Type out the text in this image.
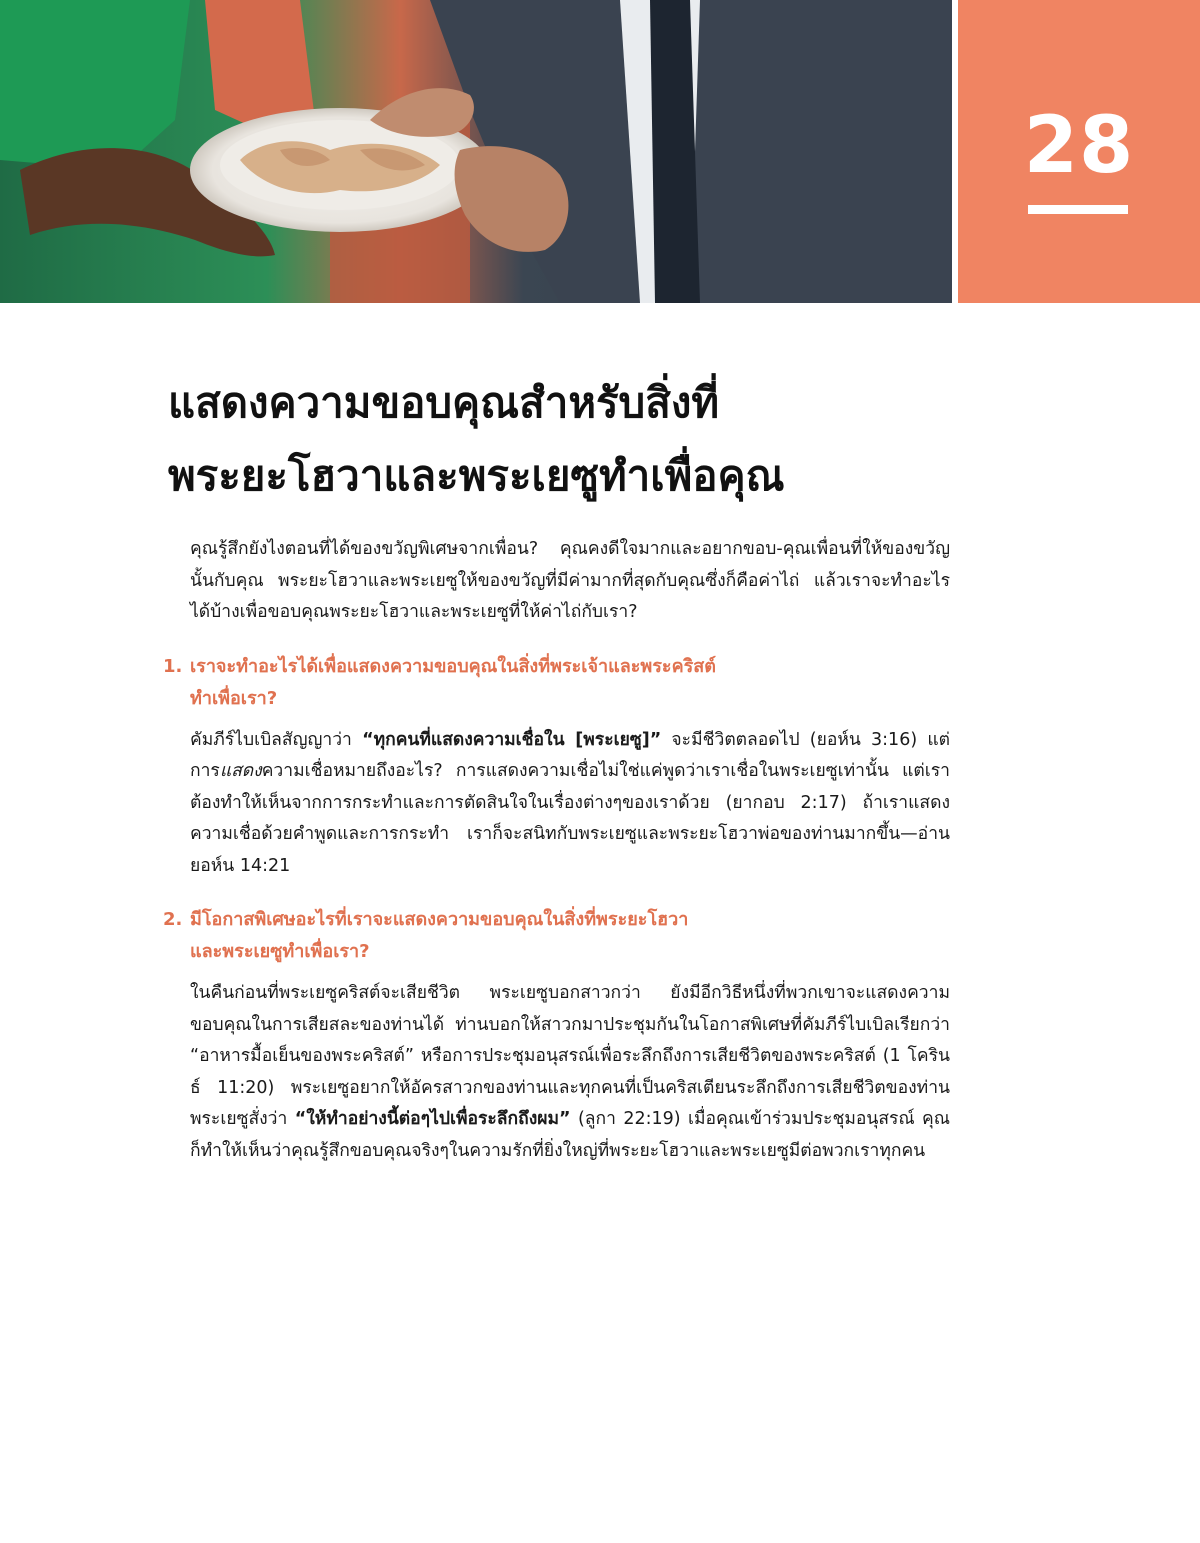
28
แสดงความขอบคุณสำหรับสิ่งที่
พระยะโฮวาและพระเยซูทำเพื่อคุณ

คุณรู้สึกยังไงตอนที่ได้ของขวัญพิเศษจากเพื่อน? คุณคงดีใจมากและอยากขอบ-คุณเพื่อนที่ให้ของขวัญนั้นกับคุณ พระยะโฮวาและพระเยซูให้ของขวัญที่มีค่ามากที่สุดกับคุณซึ่งก็คือค่าไถ่ แล้วเราจะทำอะไรได้บ้างเพื่อขอบคุณพระยะโฮวาและพระเยซูที่ให้ค่าไถ่กับเรา?

1. เราจะทำอะไรได้เพื่อแสดงความขอบคุณในสิ่งที่พระเจ้าและพระคริสต์
ทำเพื่อเรา?

คัมภีร์ไบเบิลสัญญาว่า “ทุกคนที่แสดงความเชื่อใน [พระเยซู]” จะมีชีวิตตลอดไป (ยอห์น 3:16) แต่การแสดงความเชื่อหมายถึงอะไร? การแสดงความเชื่อไม่ใช่แค่พูดว่าเราเชื่อในพระเยซูเท่านั้น แต่เราต้องทำให้เห็นจากการกระทำและการตัดสินใจในเรื่องต่างๆของเราด้วย (ยากอบ 2:17) ถ้าเราแสดงความเชื่อด้วยคำพูดและการกระทำ เราก็จะสนิทกับพระเยซูและพระยะโฮวาพ่อของท่านมากขึ้น—อ่าน ยอห์น 14:21

2. มีโอกาสพิเศษอะไรที่เราจะแสดงความขอบคุณในสิ่งที่พระยะโฮวา
และพระเยซูทำเพื่อเรา?

ในคืนก่อนที่พระเยซูคริสต์จะเสียชีวิต พระเยซูบอกสาวกว่า ยังมีอีกวิธีหนึ่งที่พวกเขาจะแสดงความขอบคุณในการเสียสละของท่านได้ ท่านบอกให้สาวกมาประชุมกันในโอกาสพิเศษที่คัมภีร์ไบเบิลเรียกว่า “อาหารมื้อเย็นของพระคริสต์” หรือการประชุมอนุสรณ์เพื่อระลึกถึงการเสียชีวิตของพระคริสต์ (1 โครินธ์ 11:20) พระเยซูอยากให้อัครสาวกของท่านและทุกคนที่เป็นคริสเตียนระลึกถึงการเสียชีวิตของท่าน พระเยซูสั่งว่า “ให้ทำอย่างนี้ต่อๆไปเพื่อระลึกถึงผม” (ลูกา 22:19) เมื่อคุณเข้าร่วมประชุมอนุสรณ์ คุณก็ทำให้เห็นว่าคุณรู้สึกขอบคุณจริงๆในความรักที่ยิ่งใหญ่ที่พระยะโฮวาและพระเยซูมีต่อพวกเราทุกคน
